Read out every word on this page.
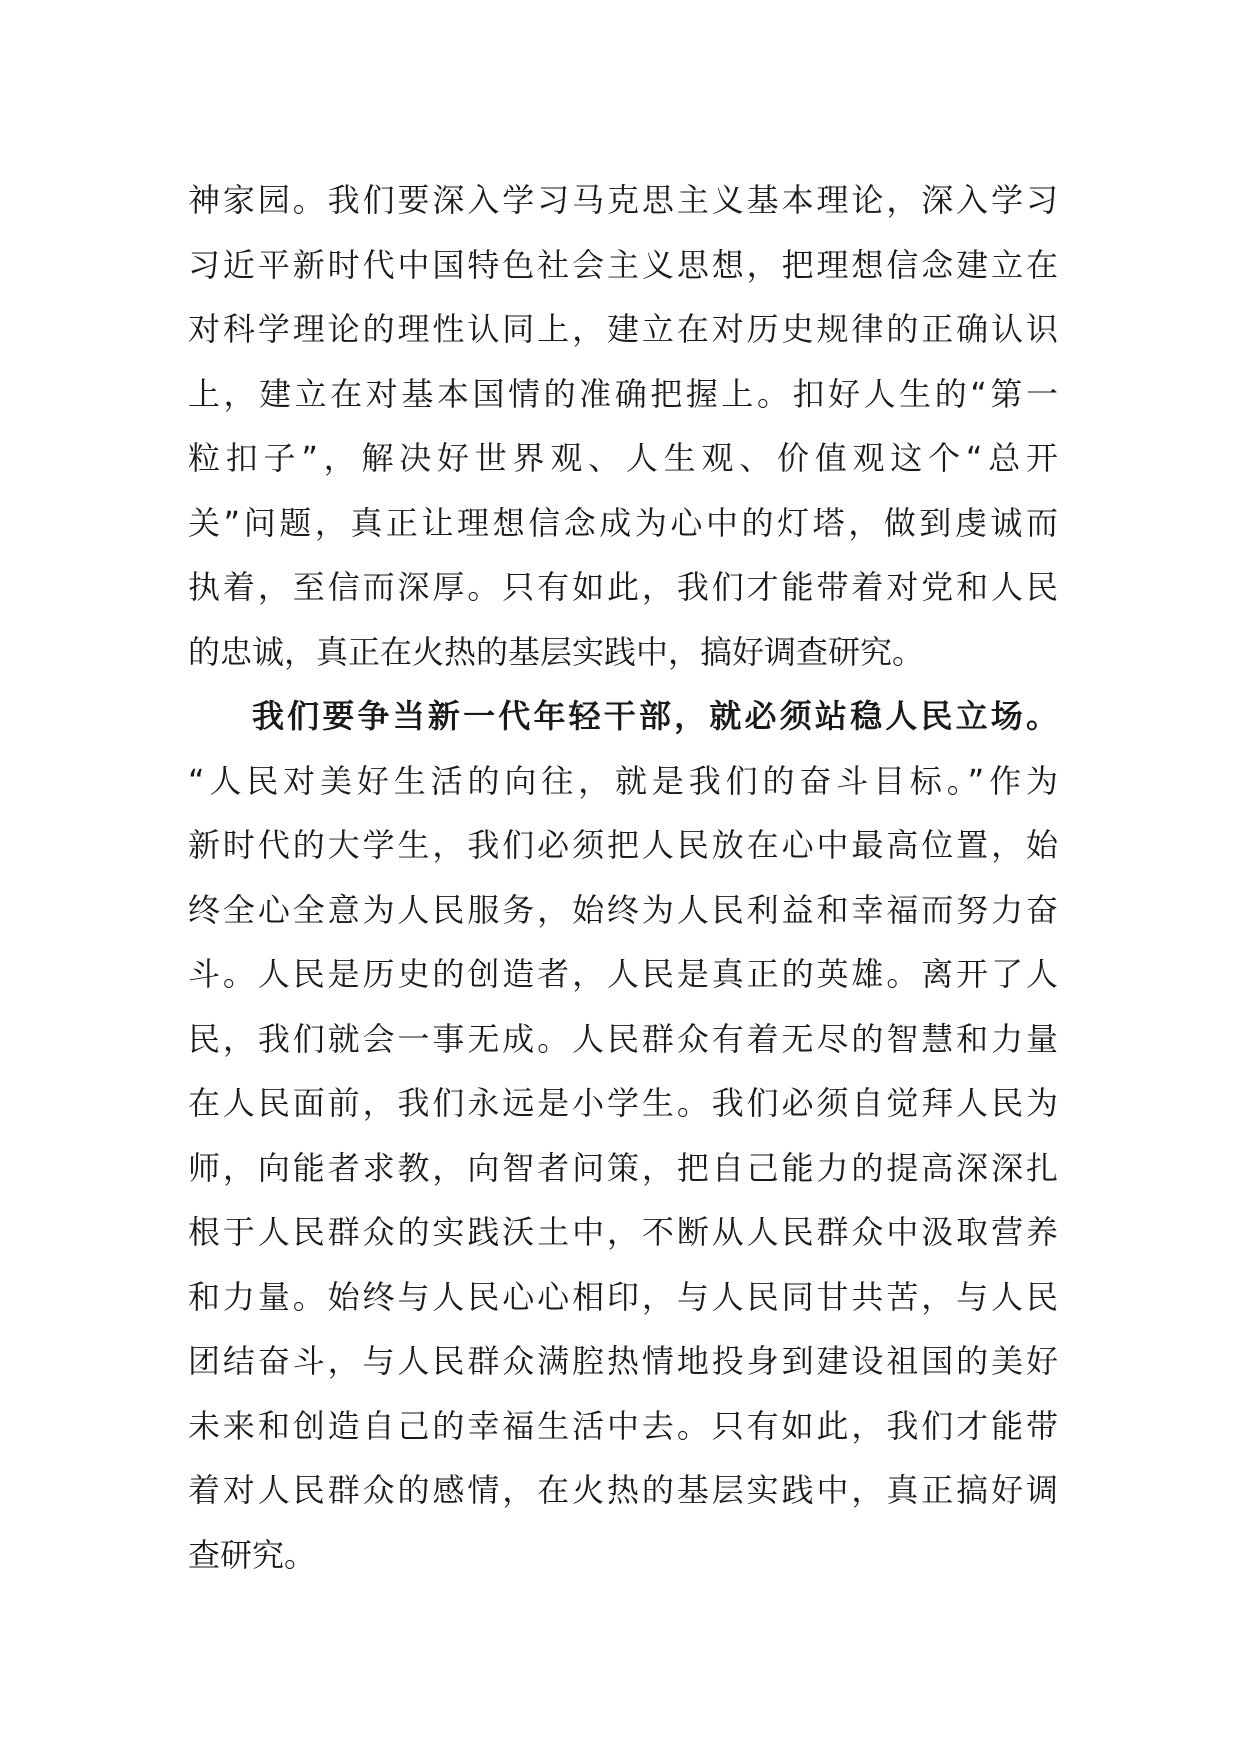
神家园。我们要深入学习马克思主义基本理论，深入学习
习近平新时代中国特色社会主义思想，把理想信念建立在
对科学理论的理性认同上，建立在对历史规律的正确认识
上，建立在对基本国情的准确把握上。扣好人生的“第一
粒扣子”，解决好世界观、人生观、价值观这个“总开
关”问题，真正让理想信念成为心中的灯塔，做到虔诚而
执着，至信而深厚。只有如此，我们才能带着对党和人民
的忠诚，真正在火热的基层实践中，搞好调查研究。
我们要争当新一代年轻干部，就必须站稳人民立场。
“人民对美好生活的向往，就是我们的奋斗目标。”作为
新时代的大学生，我们必须把人民放在心中最高位置，始
终全心全意为人民服务，始终为人民利益和幸福而努力奋
斗。人民是历史的创造者，人民是真正的英雄。离开了人
民，我们就会一事无成。人民群众有着无尽的智慧和力量
在人民面前，我们永远是小学生。我们必须自觉拜人民为
师，向能者求教，向智者问策，把自己能力的提高深深扎
根于人民群众的实践沃土中，不断从人民群众中汲取营养
和力量。始终与人民心心相印，与人民同甘共苦，与人民
团结奋斗，与人民群众满腔热情地投身到建设祖国的美好
未来和创造自己的幸福生活中去。只有如此，我们才能带
着对人民群众的感情，在火热的基层实践中，真正搞好调
查研究。
